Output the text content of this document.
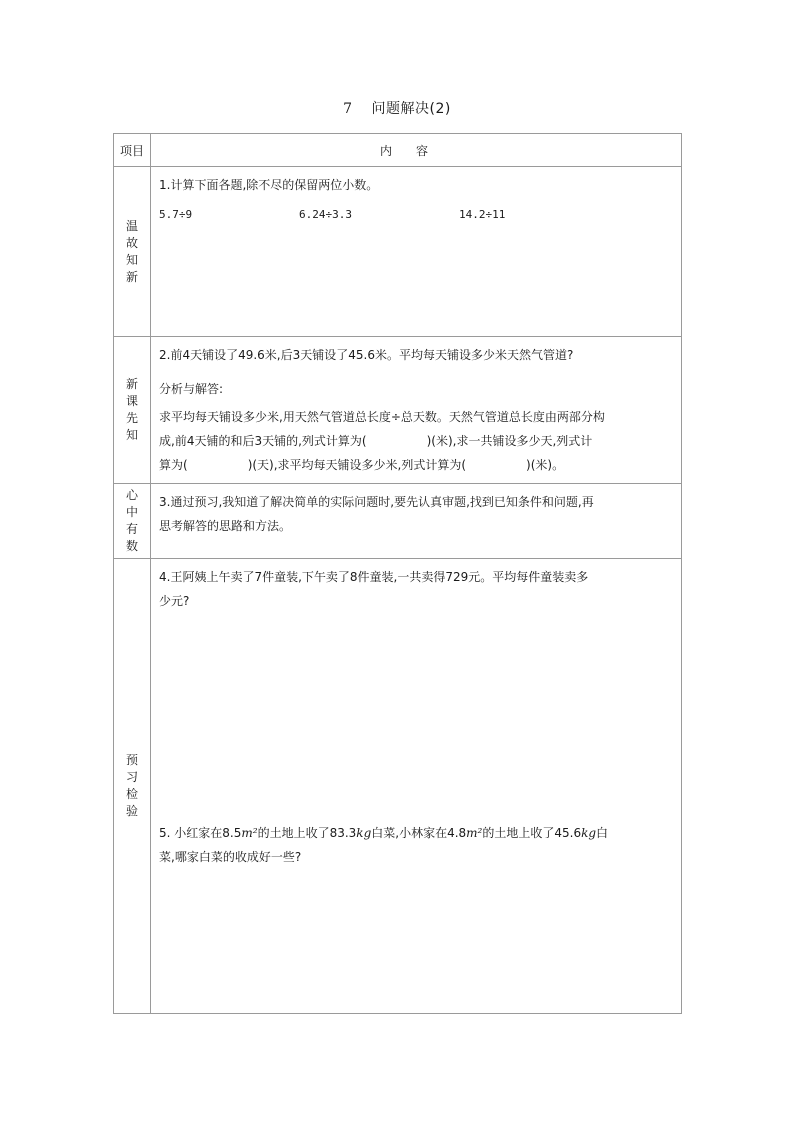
7 问题解决(2)
项目	内容
温故知新	1.计算下面各题,除不尽的保留两位小数。
5.7÷9 6.24÷3.3 14.2÷11

新课先知	2.前4天铺设了49.6米,后3天铺设了45.6米。平均每天铺设多少米天然气管道?
分析与解答:
求平均每天铺设多少米,用天然气管道总长度÷总天数。天然气管道总长度由两部分构
成,前4天铺的和后3天铺的,列式计算为( )(米),求一共铺设多少天,列式计
算为( )(天),求平均每天铺设多少米,列式计算为( )(米)。

心中有数	3.通过预习,我知道了解决简单的实际问题时,要先认真审题,找到已知条件和问题,再
思考解答的思路和方法。

预习检验	4.王阿姨上午卖了7件童装,下午卖了8件童装,一共卖得729元。平均每件童装卖多
少元?
5. 小红家在8.5m²的土地上收了83.3kg白菜,小林家在4.8m²的土地上收了45.6kg白
菜,哪家白菜的收成好一些?
